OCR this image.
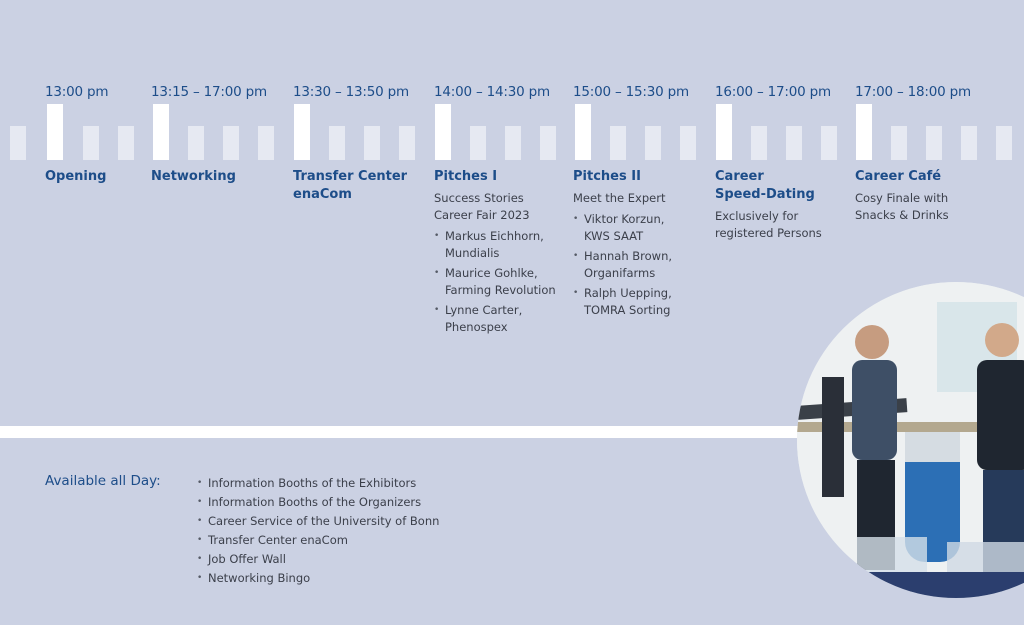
13:00 pm	13:15 – 17:00 pm	13:30 – 13:50 pm	14:00 – 14:30 pm	15:00 – 15:30 pm	16:00 – 17:00 pm	17:00 – 18:00 pm
Opening	Networking	Transfer Center
enaCom
Pitches I
Success Stories
Career Fair 2023
• Markus Eichhorn,
Mundialis
• Maurice Gohlke,
Farming Revolution
• Lynne Carter,
Phenospex
Pitches II
Meet the Expert
• Viktor Korzun,
KWS SAAT
• Hannah Brown,
Organifarms
• Ralph Uepping,
TOMRA Sorting
Career
Speed-Dating
Exclusively for
registered Persons
Career Café
Cosy Finale with
Snacks & Drinks
Available all Day:
•	Information Booths of the Exhibitors
• Information Booths of the Organizers
• Career Service of the University of Bonn
• Transfer Center enaCom
• Job Offer Wall
• Networking Bingo
